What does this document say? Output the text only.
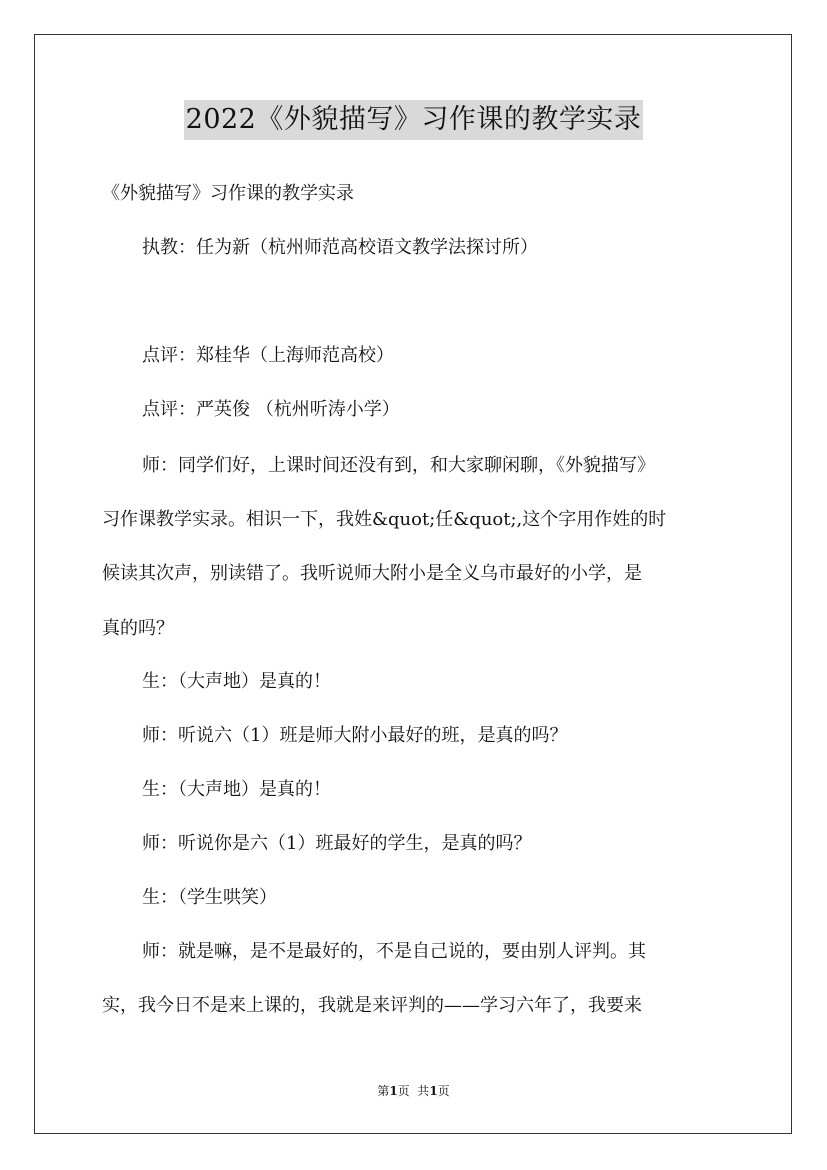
2022《外貌描写》习作课的教学实录
《外貌描写》习作课的教学实录
执教：任为新（杭州师范高校语文教学法探讨所）
点评：郑桂华（上海师范高校）
点评：严英俊 （杭州听涛小学）
师：同学们好，上课时间还没有到，和大家聊闲聊，《外貌描写》
习作课教学实录。相识一下，我姓&quot;任&quot;,这个字用作姓的时
候读其次声，别读错了。我听说师大附小是全义乌市最好的小学，是
真的吗？
生：（大声地）是真的！
师：听说六（1）班是师大附小最好的班，是真的吗？
生：（大声地）是真的！
师：听说你是六（1）班最好的学生，是真的吗？
生：（学生哄笑）
师：就是嘛，是不是最好的，不是自己说的，要由别人评判。其
实，我今日不是来上课的，我就是来评判的——学习六年了，我要来
第1页  共1页
